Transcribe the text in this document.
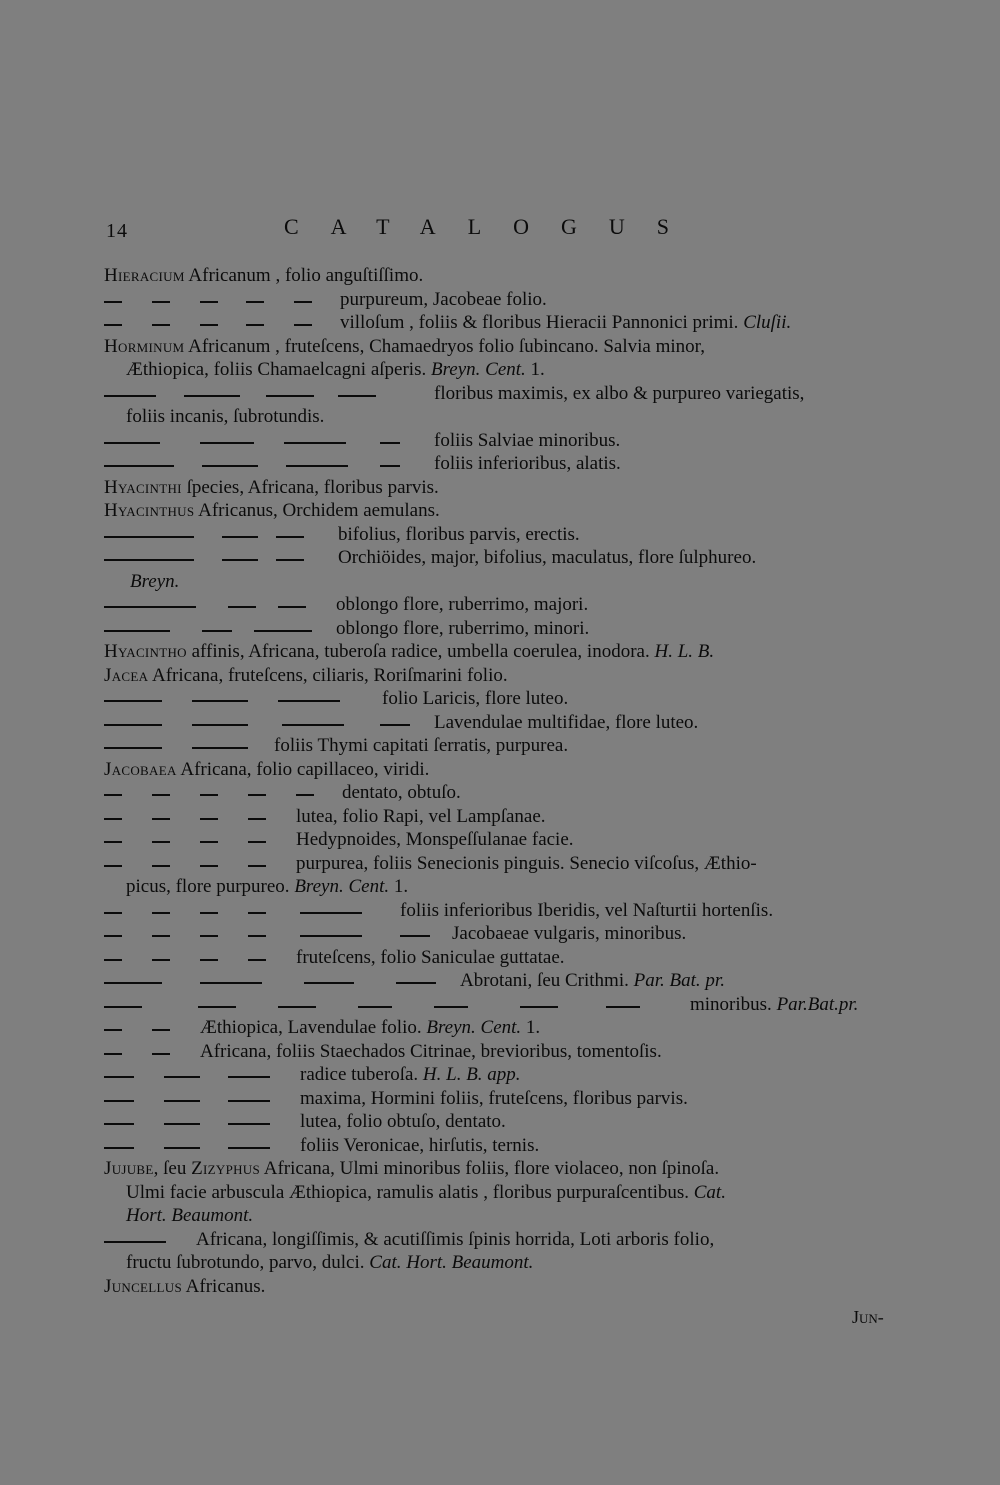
14	CATALOGUS
Hieracium Africanum , folio anguſtiſſimo.
purpureum, Jacobeae folio.
villoſum , foliis & floribus Hieracii Pannonici primi. Cluſii.
Horminum Africanum , fruteſcens, Chamaedryos folio ſubincano. Salvia minor,
Æthiopica, foliis Chamaelcagni aſperis. Breyn. Cent. 1.
floribus maximis, ex albo & purpureo variegatis,
foliis incanis, ſubrotundis.
foliis Salviae minoribus.
foliis inferioribus, alatis.
Hyacinthi ſpecies, Africana, floribus parvis.
Hyacinthus Africanus, Orchidem aemulans.
bifolius, floribus parvis, erectis.
Orchiöides, major, bifolius, maculatus, flore ſulphureo.
Breyn.
oblongo flore, ruberrimo, majori.
oblongo flore, ruberrimo, minori.
Hyacintho affinis, Africana, tuberoſa radice, umbella coerulea, inodora. H. L. B.
Jacea Africana, fruteſcens, ciliaris, Roriſmarini folio.
folio Laricis, flore luteo.
Lavendulae multifidae, flore luteo.
foliis Thymi capitati ſerratis, purpurea.
Jacobaea Africana, folio capillaceo, viridi.
dentato, obtuſo.
lutea, folio Rapi, vel Lampſanae.
Hedypnoides, Monspeſſulanae facie.
purpurea, foliis Senecionis pinguis. Senecio viſcoſus, Æthio-
picus, flore purpureo. Breyn. Cent. 1.
foliis inferioribus Iberidis, vel Naſturtii hortenſis.
Jacobaeae vulgaris, minoribus.
fruteſcens, folio Saniculae guttatae.
Abrotani, ſeu Crithmi. Par. Bat. pr.
minoribus. Par.Bat.pr.
Æthiopica, Lavendulae folio. Breyn. Cent. 1.
Africana, foliis Staechados Citrinae, brevioribus, tomentoſis.
radice tuberoſa. H. L. B. app.
maxima, Hormini foliis, fruteſcens, floribus parvis.
lutea, folio obtuſo, dentato.
foliis Veronicae, hirſutis, ternis.
Jujube, ſeu Zizyphus Africana, Ulmi minoribus foliis, flore violaceo, non ſpinoſa.
Ulmi facie arbuscula Æthiopica, ramulis alatis , floribus purpuraſcentibus. Cat.
Hort. Beaumont.
Africana, longiſſimis, & acutiſſimis ſpinis horrida, Loti arboris folio,
fructu ſubrotundo, parvo, dulci. Cat. Hort. Beaumont.
Juncellus Africanus.
Jun-
